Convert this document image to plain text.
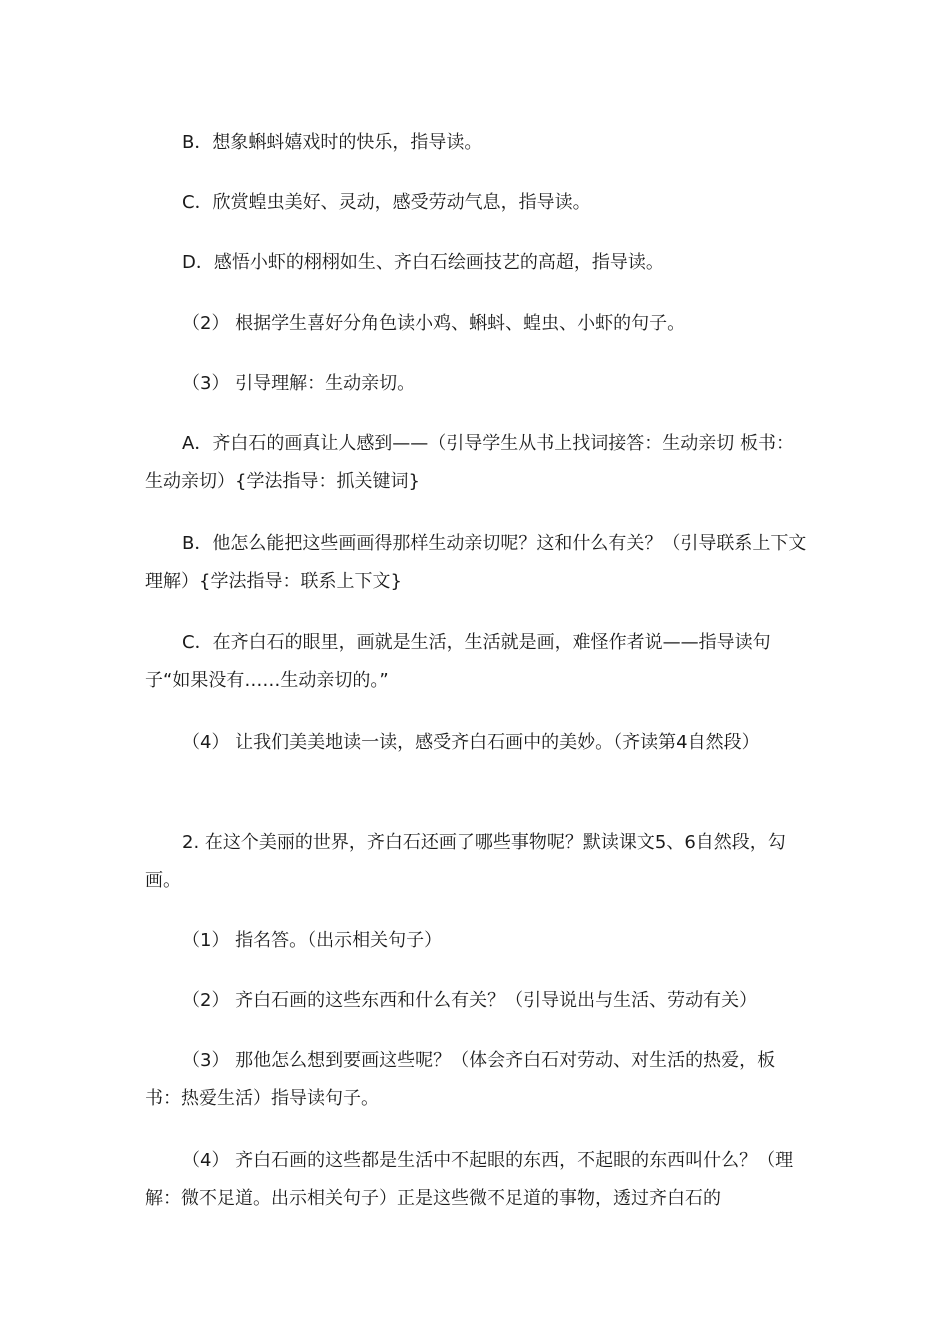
B．想象蝌蚪嬉戏时的快乐，指导读。

C．欣赏蝗虫美好、灵动，感受劳动气息，指导读。

D．感悟小虾的栩栩如生、齐白石绘画技艺的高超，指导读。

（2） 根据学生喜好分角色读小鸡、蝌蚪、蝗虫、小虾的句子。

（3） 引导理解：生动亲切。

A．齐白石的画真让人感到——（引导学生从书上找词接答：生动亲切 板书：生动亲切）{学法指导：抓关键词}

B．他怎么能把这些画画得那样生动亲切呢？这和什么有关？（引导联系上下文理解）{学法指导：联系上下文}

C．在齐白石的眼里，画就是生活，生活就是画，难怪作者说——指导读句子“如果没有……生动亲切的。”

（4） 让我们美美地读一读，感受齐白石画中的美妙。（齐读第4自然段）

2. 在这个美丽的世界，齐白石还画了哪些事物呢？默读课文5、6自然段，勾画。

（1） 指名答。（出示相关句子）

（2） 齐白石画的这些东西和什么有关？（引导说出与生活、劳动有关）

（3） 那他怎么想到要画这些呢？（体会齐白石对劳动、对生活的热爱，板书：热爱生活）指导读句子。

（4） 齐白石画的这些都是生活中不起眼的东西，不起眼的东西叫什么？（理解：微不足道。出示相关句子）正是这些微不足道的事物，透过齐白石的
